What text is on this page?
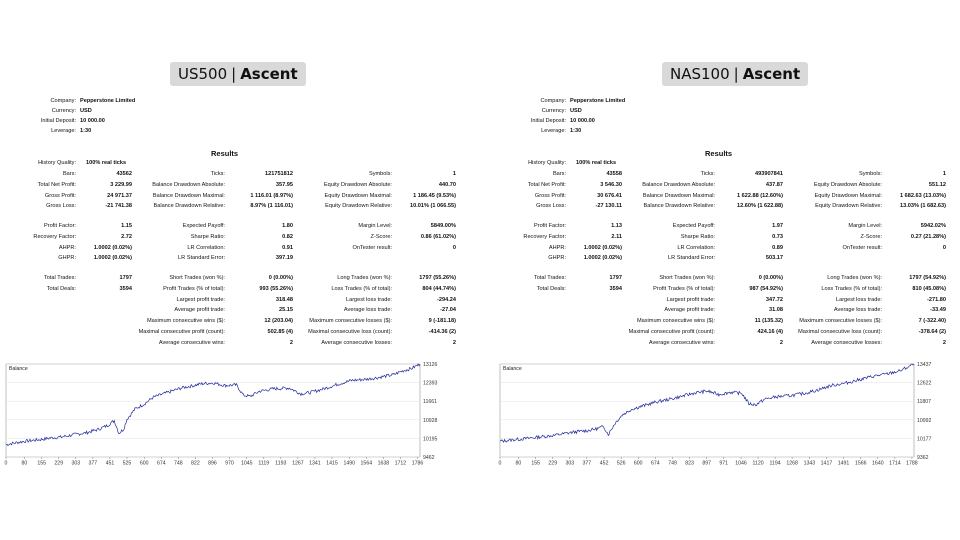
US500 | Ascent
Company: Pepperstone Limited
Currency: USD
Initial Deposit: 10 000.00
Leverage: 1:30
Results
History Quality: 100% real ticks
Bars:	43562	Ticks:	121751812	Symbols:	1
Total Net Profit:	3 229.99	Balance Drawdown Absolute:	357.95	Equity Drawdown Absolute:	440.70
Gross Profit:	24 971.37	Balance Drawdown Maximal:	1 116.01 (8.97%)	Equity Drawdown Maximal:	1 186.45 (9.53%)
Gross Loss:	-21 741.38	Balance Drawdown Relative:	8.97% (1 116.01)	Equity Drawdown Relative:	10.01% (1 066.55)
Profit Factor:	1.15	Expected Payoff:	1.80	Margin Level:	5849.00%
Recovery Factor:	2.72	Sharpe Ratio:	0.82	Z-Score:	0.86 (61.02%)
AHPR:	1.0002 (0.02%)	LR Correlation:	0.91	OnTester result:	0
GHPR:	1.0002 (0.02%)	LR Standard Error:	397.19
Total Trades:	1797	Short Trades (won %):	0 (0.00%)	Long Trades (won %):	1797 (55.26%)
Total Deals:	3594	Profit Trades (% of total):	993 (55.26%)	Loss Trades (% of total):	804 (44.74%)
Largest profit trade:	318.48	Largest loss trade:	-294.24
Average profit trade:	25.15	Average loss trade:	-27.04
Maximum consecutive wins ($):	12 (203.04)	Maximum consecutive losses ($):	9 (-181.18)
Maximal consecutive profit (count):	502.85 (4)	Maximal consecutive loss (count):	-414.36 (2)
Average consecutive wins:	2	Average consecutive losses:	2
13126
12393
11661
10928
10195
9462
0	80 155 229 303 377 451 525 600 674 748 822 896 970 1045 1119 1193 1267 1341 1415 1490 1564 1638 1712 1786
Balance
NAS100 | Ascent
Company: Pepperstone Limited
Currency: USD
Initial Deposit: 10 000.00
Leverage: 1:30
Results
History Quality: 100% real ticks
Bars:	43558	Ticks:	493907841	Symbols:	1
Total Net Profit:	3 546.30	Balance Drawdown Absolute:	437.87	Equity Drawdown Absolute:	551.12
Gross Profit:	30 676.41	Balance Drawdown Maximal:	1 622.88 (12.60%)	Equity Drawdown Maximal:	1 682.63 (13.03%)
Gross Loss:	-27 130.11	Balance Drawdown Relative:	12.60% (1 622.88)	Equity Drawdown Relative:	13.03% (1 682.63)
Profit Factor:	1.13	Expected Payoff:	1.97	Margin Level:	5942.02%
Recovery Factor:	2.11	Sharpe Ratio:	0.73	Z-Score:	0.27 (21.28%)
AHPR:	1.0002 (0.02%)	LR Correlation:	0.89	OnTester result:	0
GHPR:	1.0002 (0.02%)	LR Standard Error:	503.17
Total Trades:	1797	Short Trades (won %):	0 (0.00%)	Long Trades (won %):	1797 (54.92%)
Total Deals:	3594	Profit Trades (% of total):	987 (54.92%)	Loss Trades (% of total):	810 (45.08%)
Largest profit trade:	347.72	Largest loss trade:	-271.80
Average profit trade:	31.08	Average loss trade:	-33.49
Maximum consecutive wins ($):	11 (135.32)	Maximum consecutive losses ($):	7 (-322.40)
Maximal consecutive profit (count):	424.16 (4)	Maximal consecutive loss (count):	-378.64 (2)
Average consecutive wins:	2	Average consecutive losses:	2
13437
12622
11807
10992
10177
9362
0	80 155 229 303 377 452 526 600 674 749 823 897 971 1046 1120 1194 1268 1343 1417 1491 1566 1640 1714 1788
Balance
